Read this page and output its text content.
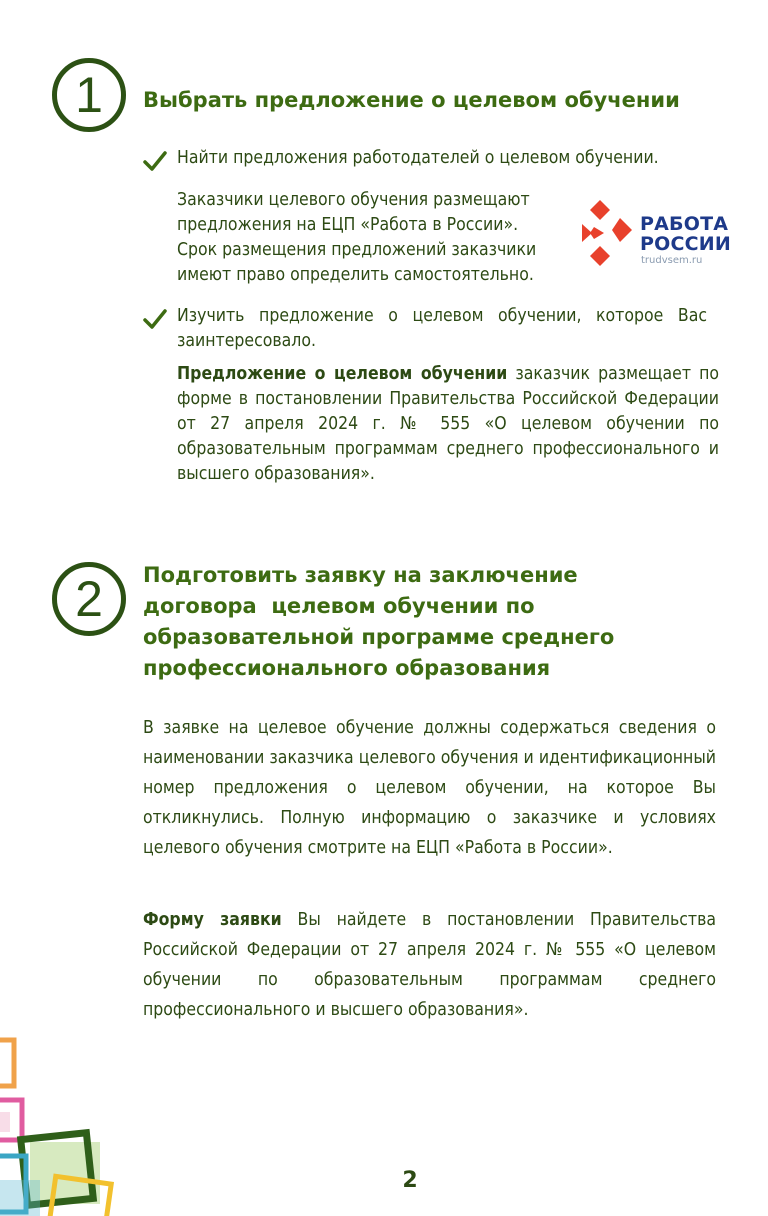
1	Выбрать предложение о целевом обучении
Найти предложения работодателей о целевом обучении.
Заказчики целевого обучения размещают
предложения на ЕЦП «Работа в России».
Срок размещения предложений заказчики
имеют право определить самостоятельно.
РАБОТА
РОССИИ
trudvsem.ru
Изучить предложение о целевом обучении, которое Вас заинтересовало.
Предложение о целевом обучении заказчик размещает по форме в постановлении Правительства Российской Федерации от 27 апреля 2024 г. № 555 «О целевом обучении по образовательным программам среднего профессионального и высшего образования».
2	Подготовить заявку на заключение договора  целевом обучении по образовательной программе среднего профессионального образования
В заявке на целевое обучение должны содержаться сведения о наименовании заказчика целевого обучения и идентификационный номер предложения о целевом обучении, на которое Вы откликнулись. Полную информацию о заказчике и условиях целевого обучения смотрите на ЕЦП «Работа в России».
Форму заявки Вы найдете в постановлении Правительства Российской Федерации от 27 апреля 2024 г. № 555 «О целевом обучении по образовательным программам среднего профессионального и высшего образования».
2
